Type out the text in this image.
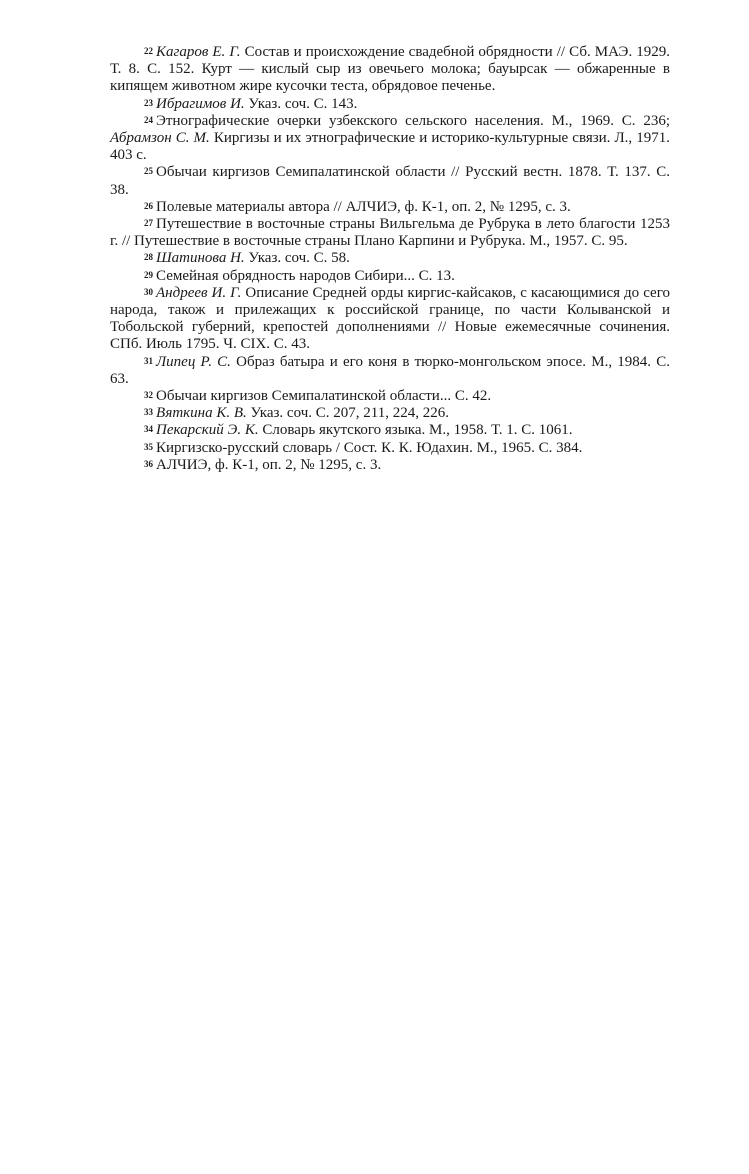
$^{22}$ Кагаров Е. Г. Состав и происхождение свадебной обрядности // Сб. МАЭ. 1929. Т. 8. С. 152. Курт — кислый сыр из овечьего молока; бауырсак — обжаренные в кипящем животном жире кусочки теста, обрядовое печенье.

$^{23}$ Ибрагимов И. Указ. соч. С. 143.

$^{24}$ Этнографические очерки узбекского сельского населения. М., 1969. С. 236; Абрамзон С. М. Киргизы и их этнографические и историко-культурные связи. Л., 1971. 403 с.

$^{25}$ Обычаи киргизов Семипалатинской области // Русский вестн. 1878. Т. 137. С. 38.

$^{26}$ Полевые материалы автора // АЛЧИЭ, ф. К-1, оп. 2, № 1295, с. 3.

$^{27}$ Путешествие в восточные страны Вильгельма де Рубрука в лето благости 1253 г. // Путешествие в восточные страны Плано Карпини и Рубрука. М., 1957. С. 95.

$^{28}$ Шатинова Н. Указ. соч. С. 58.

$^{29}$ Семейная обрядность народов Сибири... С. 13.

$^{30}$ Андреев И. Г. Описание Средней орды киргис-кайсаков, с касающимися до сего народа, також и прилежащих к российской границе, по части Колыванской и Тобольской губерний, крепостей дополнениями // Новые ежемесячные сочинения. СПб. Июль 1795. Ч. CIX. С. 43.

$^{31}$ Липец Р. С. Образ батыра и его коня в тюрко-монгольском эпосе. М., 1984. С. 63.

$^{32}$ Обычаи киргизов Семипалатинской области... С. 42.

$^{33}$ Вяткина К. В. Указ. соч. С. 207, 211, 224, 226.

$^{34}$ Пекарский Э. К. Словарь якутского языка. М., 1958. Т. 1. С. 1061.

$^{35}$ Киргизско-русский словарь / Сост. К. К. Юдахин. М., 1965. С. 384.

$^{36}$ АЛЧИЭ, ф. К-1, оп. 2, № 1295, с. 3.
